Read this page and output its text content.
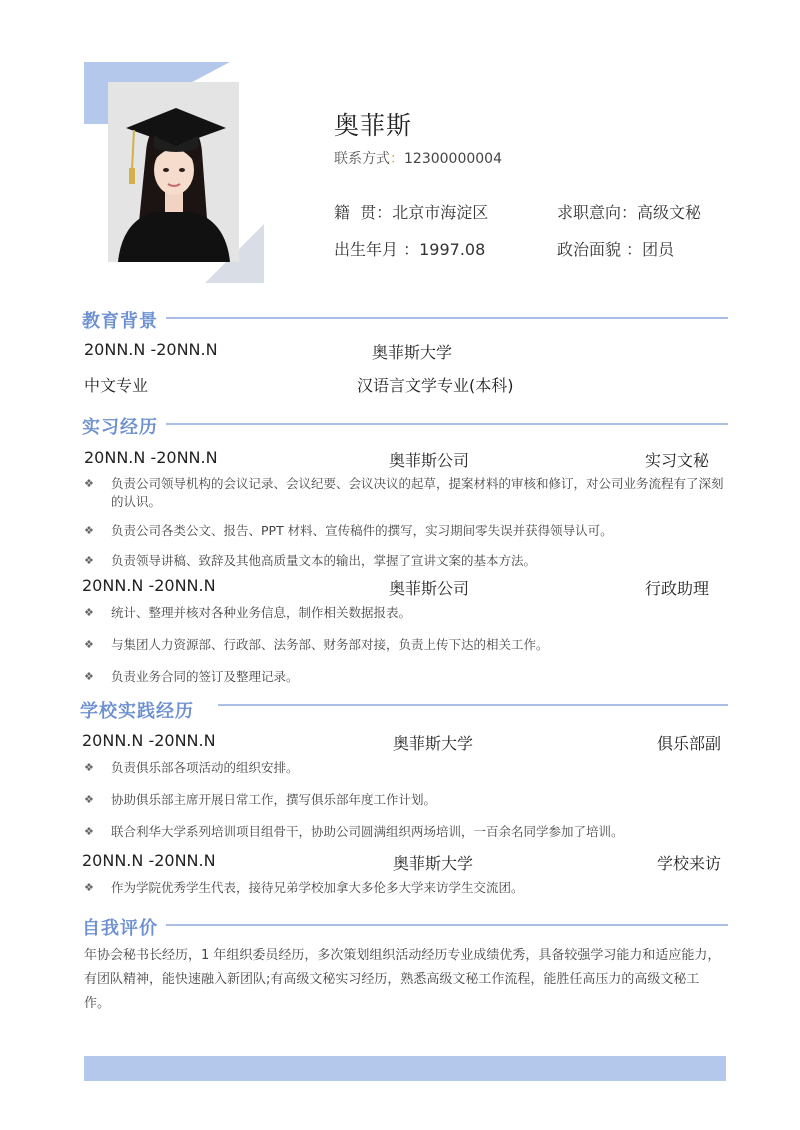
奥菲斯
联系方式：12300000004
籍  贯：北京市海淀区	求职意向：高级文秘
出生年月 ：1997.08	政治面貌 ：团员
教育背景
20NN.N -20NN.N	奥菲斯大学
中文专业	汉语言文学专业(本科)
实习经历
20NN.N -20NN.N	奥菲斯公司	实习文秘
❖	负责公司领导机构的会议记录、会议纪要、会议决议的起草，提案材料的审核和修订，对公司业务流程有了深刻的认识。
❖	负责公司各类公文、报告、PPT 材料、宣传稿件的撰写，实习期间零失误并获得领导认可。
❖	负责领导讲稿、致辞及其他高质量文本的输出，掌握了宣讲文案的基本方法。
20NN.N -20NN.N	奥菲斯公司	行政助理
❖	统计、整理并核对各种业务信息，制作相关数据报表。
❖	与集团人力资源部、行政部、法务部、财务部对接，负责上传下达的相关工作。
❖	负责业务合同的签订及整理记录。
学校实践经历
20NN.N -20NN.N	奥菲斯大学	俱乐部副
❖	负责俱乐部各项活动的组织安排。
❖	协助俱乐部主席开展日常工作，撰写俱乐部年度工作计划。
❖	联合利华大学系列培训项目组骨干，协助公司圆满组织两场培训，一百余名同学参加了培训。
20NN.N -20NN.N	奥菲斯大学	学校来访
❖	作为学院优秀学生代表，接待兄弟学校加拿大多伦多大学来访学生交流团。
自我评价
年协会秘书长经历，1 年组织委员经历，多次策划组织活动经历专业成绩优秀，具备较强学习能力和适应能力，有团队精神，能快速融入新团队;有高级文秘实习经历，熟悉高级文秘工作流程，能胜任高压力的高级文秘工作。
